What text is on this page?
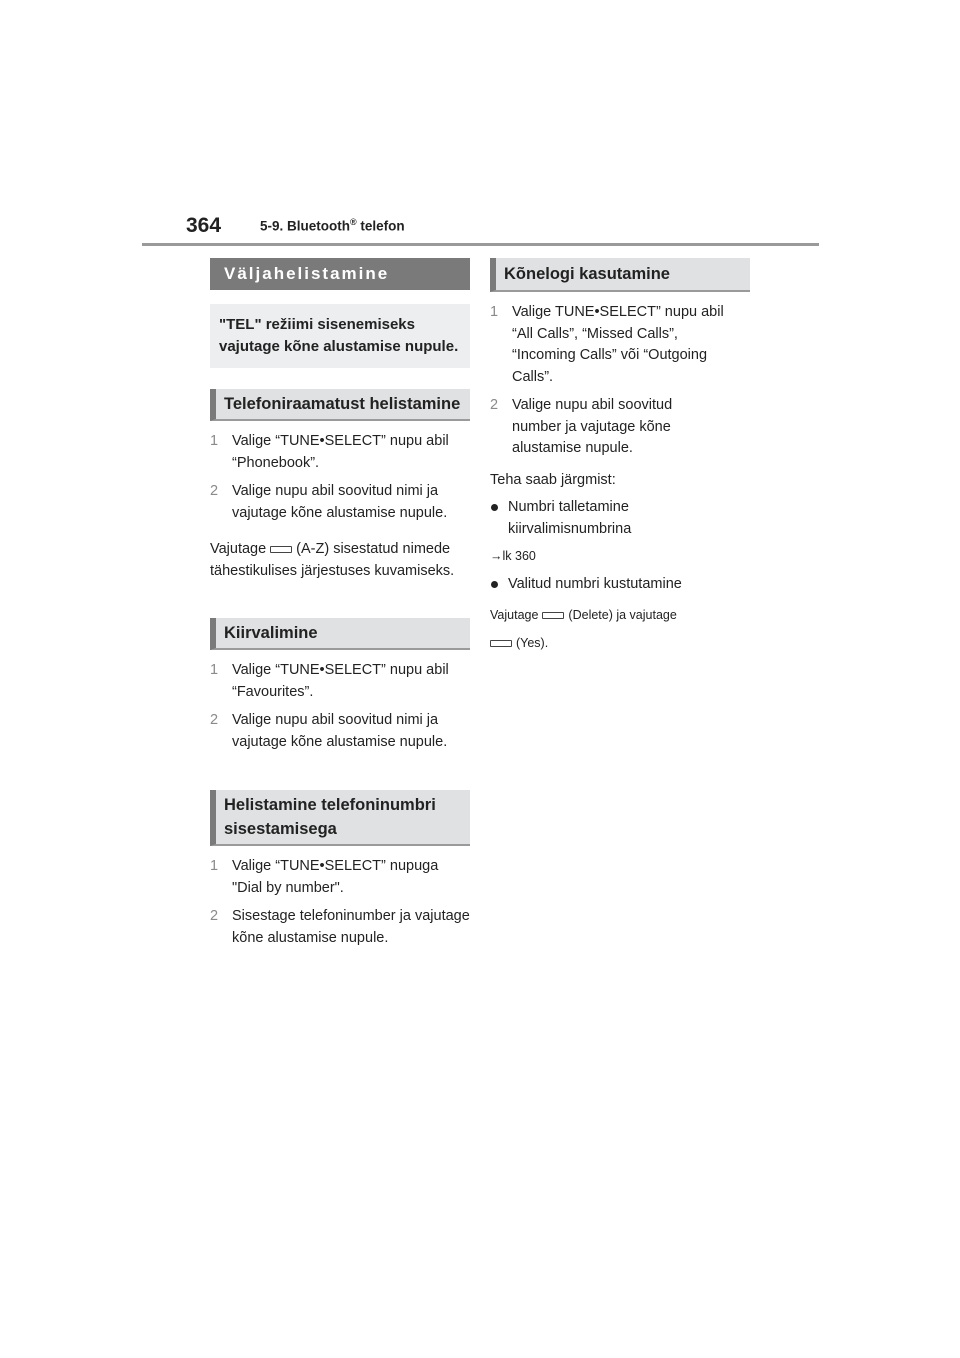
364	5-9. Bluetooth® telefon
Väljahelistamine
"TEL" režiimi sisenemiseks vajutage kõne alustamise nupule.
Telefoniraamatust helistamine
1 Valige “TUNE•SELECT” nupu abil “Phonebook”.
2 Valige nupu abil soovitud nimi ja vajutage kõne alustamise nupule.

Vajutage (A-Z) sisestatud nimede tähestikulises järjestuses kuvamiseks.

Kiirvalimine
1 Valige “TUNE•SELECT” nupu abil “Favourites”.
2 Valige nupu abil soovitud nimi ja vajutage kõne alustamise nupule.
Helistamine telefoninumbri sisestamisega
1 Valige “TUNE•SELECT” nupuga "Dial by number".
2 Sisestage telefoninumber ja vajutage kõne alustamise nupule.
Kõnelogi kasutamine
1 Valige TUNE•SELECT” nupu abil “All Calls”, “Missed Calls”, “Incoming Calls” või “Outgoing Calls”.
2 Valige nupu abil soovitud number ja vajutage kõne alustamise nupule.

Teha saab järgmist:

Numbri talletamine kiirvalimisnumbrina
→lk 360
Valitud numbri kustutamine
Vajutage (Delete) ja vajutage
(Yes).
